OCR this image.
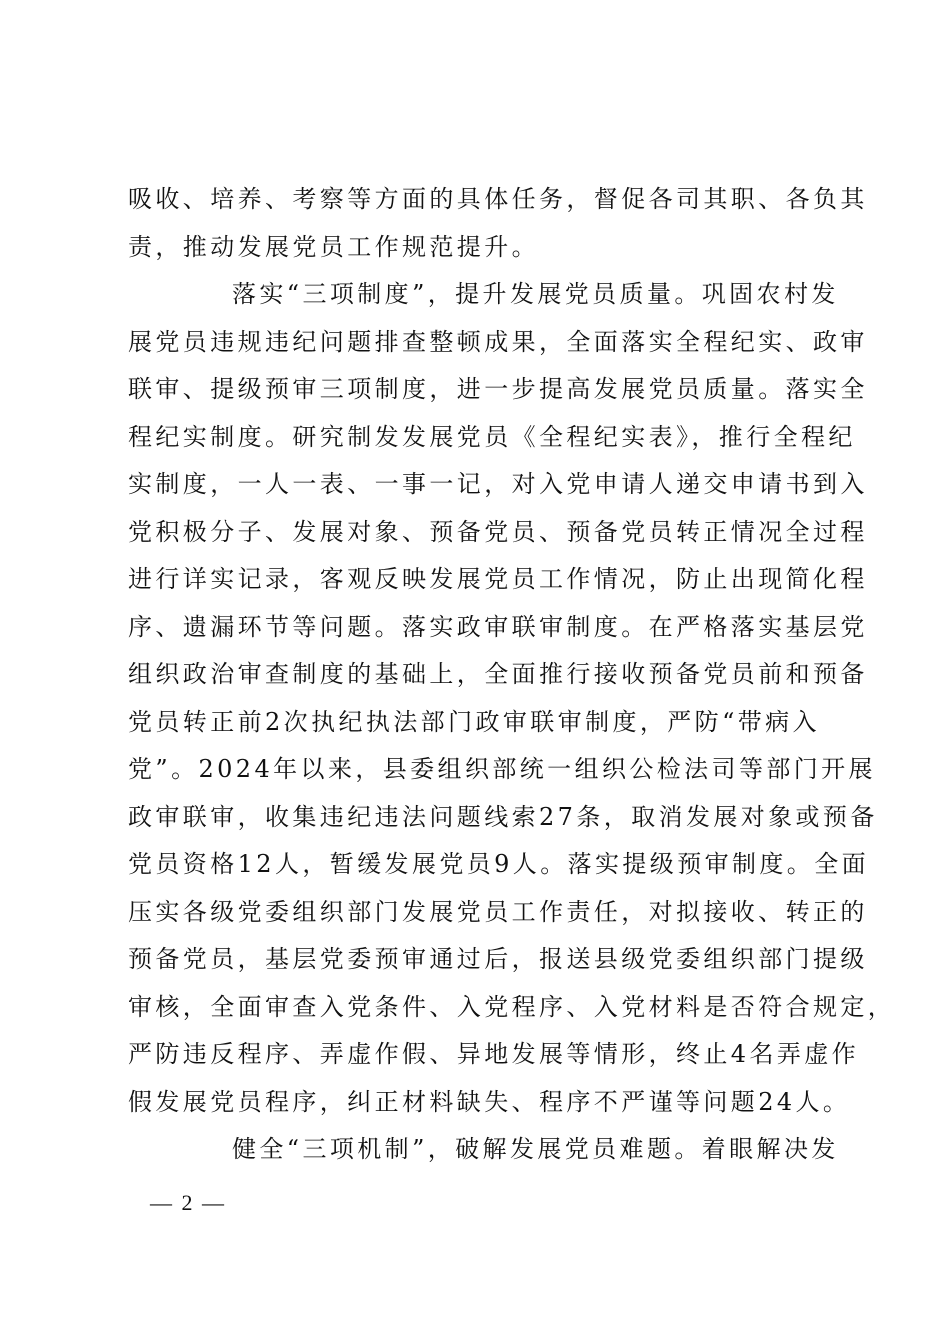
吸收、培养、考察等方面的具体任务，督促各司其职、各负其
责，推动发展党员工作规范提升。
落实“三项制度”，提升发展党员质量。巩固农村发
展党员违规违纪问题排查整顿成果，全面落实全程纪实、政审
联审、提级预审三项制度，进一步提高发展党员质量。落实全
程纪实制度。研究制发发展党员《全程纪实表》，推行全程纪
实制度，一人一表、一事一记，对入党申请人递交申请书到入
党积极分子、发展对象、预备党员、预备党员转正情况全过程
进行详实记录，客观反映发展党员工作情况，防止出现简化程
序、遗漏环节等问题。落实政审联审制度。在严格落实基层党
组织政治审查制度的基础上，全面推行接收预备党员前和预备
党员转正前2次执纪执法部门政审联审制度，严防“带病入
党”。2024年以来，县委组织部统一组织公检法司等部门开展
政审联审，收集违纪违法问题线索27条，取消发展对象或预备
党员资格12人，暂缓发展党员9人。落实提级预审制度。全面
压实各级党委组织部门发展党员工作责任，对拟接收、转正的
预备党员，基层党委预审通过后，报送县级党委组织部门提级
审核，全面审查入党条件、入党程序、入党材料是否符合规定，
严防违反程序、弄虚作假、异地发展等情形，终止4名弄虚作
假发展党员程序，纠正材料缺失、程序不严谨等问题24人。
健全“三项机制”，破解发展党员难题。着眼解决发
— 2 —
